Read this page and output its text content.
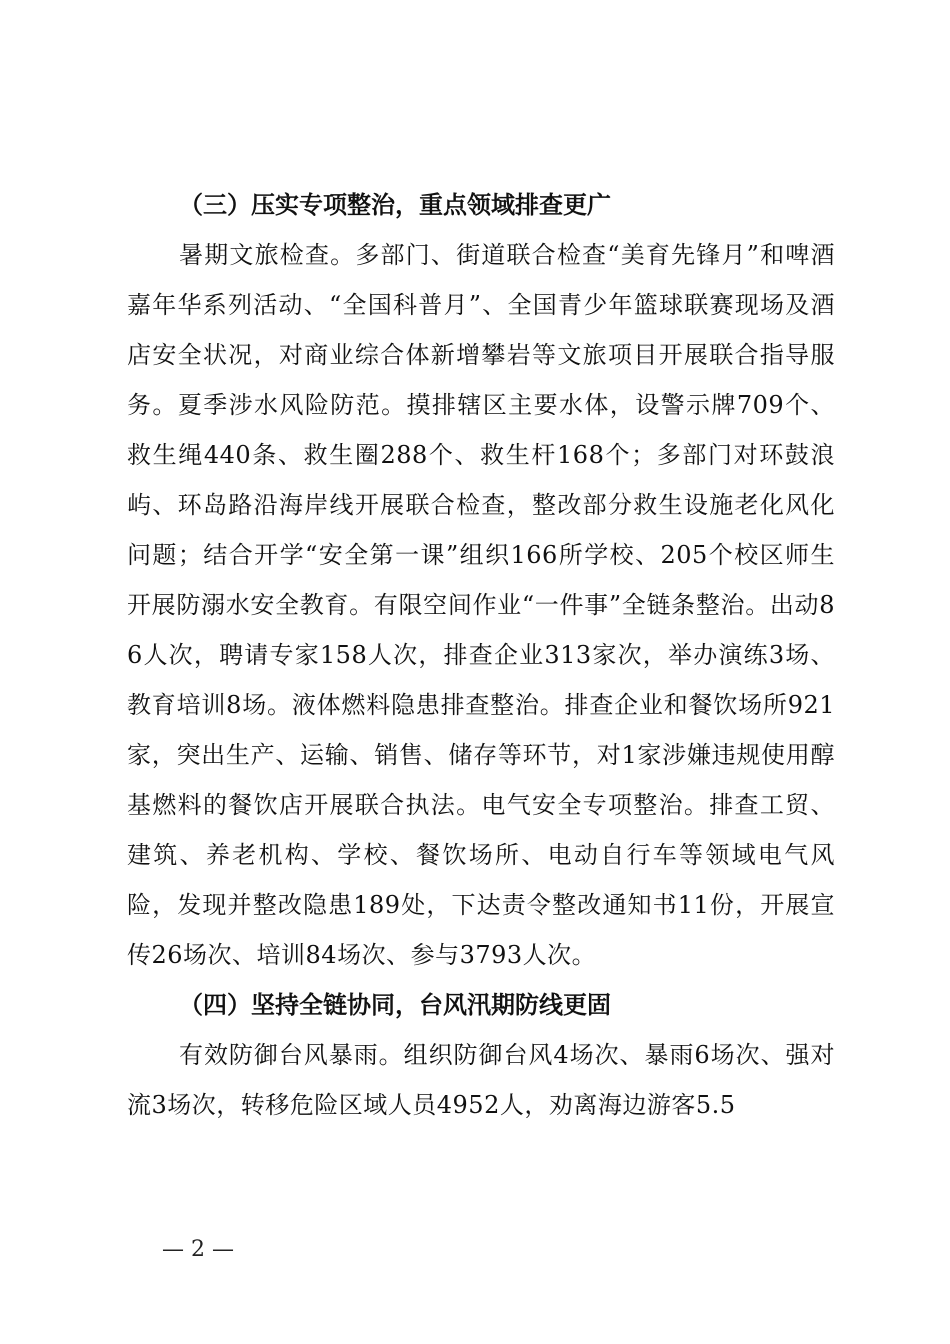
（三）压实专项整治，重点领域排查更广

暑期文旅检查。多部门、街道联合检查“美育先锋月”和啤酒嘉年华系列活动、“全国科普月”、全国青少年篮球联赛现场及酒店安全状况，对商业综合体新增攀岩等文旅项目开展联合指导服务。夏季涉水风险防范。摸排辖区主要水体，设警示牌709个、救生绳440条、救生圈288个、救生杆168个；多部门对环鼓浪屿、环岛路沿海岸线开展联合检查，整改部分救生设施老化风化问题；结合开学“安全第一课”组织166所学校、205个校区师生开展防溺水安全教育。有限空间作业“一件事”全链条整治。出动86人次，聘请专家158人次，排查企业313家次，举办演练3场、教育培训8场。液体燃料隐患排查整治。排查企业和餐饮场所921家，突出生产、运输、销售、储存等环节，对1家涉嫌违规使用醇基燃料的餐饮店开展联合执法。电气安全专项整治。排查工贸、建筑、养老机构、学校、餐饮场所、电动自行车等领域电气风险，发现并整改隐患189处，下达责令整改通知书11份，开展宣传26场次、培训84场次、参与3793人次。

（四）坚持全链协同，台风汛期防线更固

有效防御台风暴雨。组织防御台风4场次、暴雨6场次、强对流3场次，转移危险区域人员4952人，劝离海边游客5.5

— 2 —
